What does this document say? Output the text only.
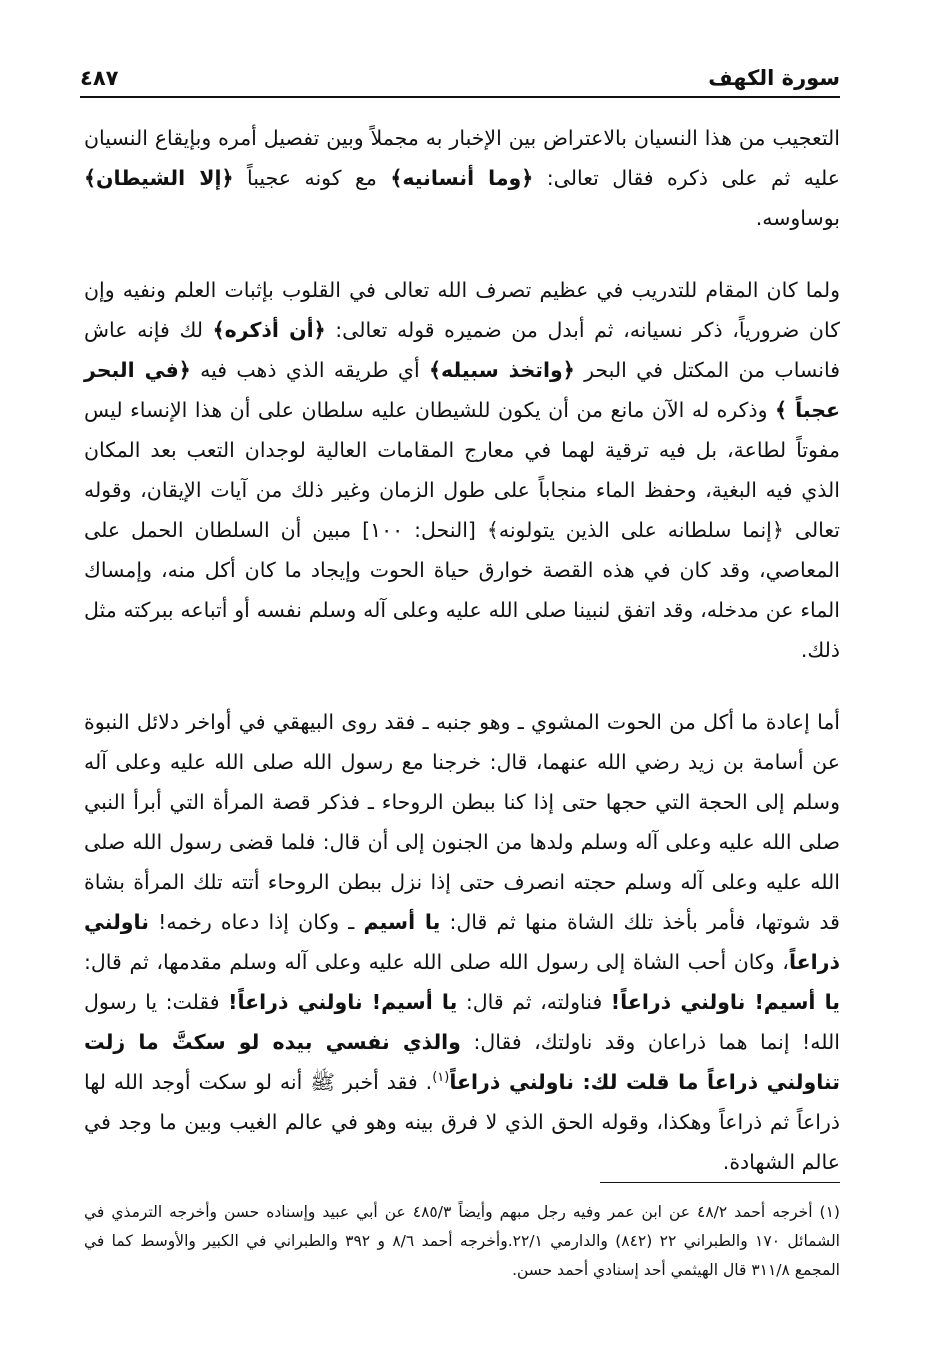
سورة الكهف
٤٨٧

التعجيب من هذا النسيان بالاعتراض بين الإخبار به مجملاً وبين تفصيل أمره وبإيقاع النسيان عليه ثم على ذكره فقال تعالى: ﴿وما أنسانيه﴾ مع كونه عجيباً ﴿إلا الشيطان﴾ بوساوسه.

ولما كان المقام للتدريب في عظيم تصرف الله تعالى في القلوب بإثبات العلم ونفيه وإن كان ضرورياً، ذكر نسيانه، ثم أبدل من ضميره قوله تعالى: ﴿أن أذكره﴾ لك فإنه عاش فانساب من المكتل في البحر ﴿واتخذ سبيله﴾ أي طريقه الذي ذهب فيه ﴿في البحر عجباً ﴾ وذكره له الآن مانع من أن يكون للشيطان عليه سلطان على أن هذا الإنساء ليس مفوتاً لطاعة، بل فيه ترقية لهما في معارج المقامات العالية لوجدان التعب بعد المكان الذي فيه البغية، وحفظ الماء منجاباً على طول الزمان وغير ذلك من آيات الإيقان، وقوله تعالى ﴿إنما سلطانه على الذين يتولونه﴾ [النحل: ١٠٠] مبين أن السلطان الحمل على المعاصي، وقد كان في هذه القصة خوارق حياة الحوت وإيجاد ما كان أكل منه، وإمساك الماء عن مدخله، وقد اتفق لنبينا صلى الله عليه وعلى آله وسلم نفسه أو أتباعه ببركته مثل ذلك.

أما إعادة ما أكل من الحوت المشوي ـ وهو جنبه ـ فقد روى البيهقي في أواخر دلائل النبوة عن أسامة بن زيد رضي الله عنهما، قال: خرجنا مع رسول الله صلى الله عليه وعلى آله وسلم إلى الحجة التي حجها حتى إذا كنا ببطن الروحاء ـ فذكر قصة المرأة التي أبرأ النبي صلى الله عليه وعلى آله وسلم ولدها من الجنون إلى أن قال: فلما قضى رسول الله صلى الله عليه وعلى آله وسلم حجته انصرف حتى إذا نزل ببطن الروحاء أتته تلك المرأة بشاة قد شوتها، فأمر بأخذ تلك الشاة منها ثم قال: يا أسيم ـ وكان إذا دعاه رخمه! ناولني ذراعاً، وكان أحب الشاة إلى رسول الله صلى الله عليه وعلى آله وسلم مقدمها، ثم قال: يا أسيم! ناولني ذراعاً! فناولته، ثم قال: يا أسيم! ناولني ذراعاً! فقلت: يا رسول الله! إنما هما ذراعان وقد ناولتك، فقال: والذي نفسي بيده لو سكتَّ ما زلت تناولني ذراعاً ما قلت لك: ناولني ذراعاً$^{(١)}$. فقد أخبر ﷺ أنه لو سكت أوجد الله لها ذراعاً ثم ذراعاً وهكذا، وقوله الحق الذي لا فرق بينه وهو في عالم الغيب وبين ما وجد في عالم الشهادة.

(١) أخرجه أحمد ٤٨/٢ عن ابن عمر وفيه رجل مبهم وأيضاً ٤٨٥/٣ عن أبي عبيد وإسناده حسن وأخرجه الترمذي في الشمائل ١٧٠ والطبراني ٢٢ (٨٤٢) والدارمي ٢٢/١.وأخرجه أحمد ٨/٦ و ٣٩٢ والطبراني في الكبير والأوسط كما في المجمع ٣١١/٨ قال الهيثمي أحد إسنادي أحمد حسن.
